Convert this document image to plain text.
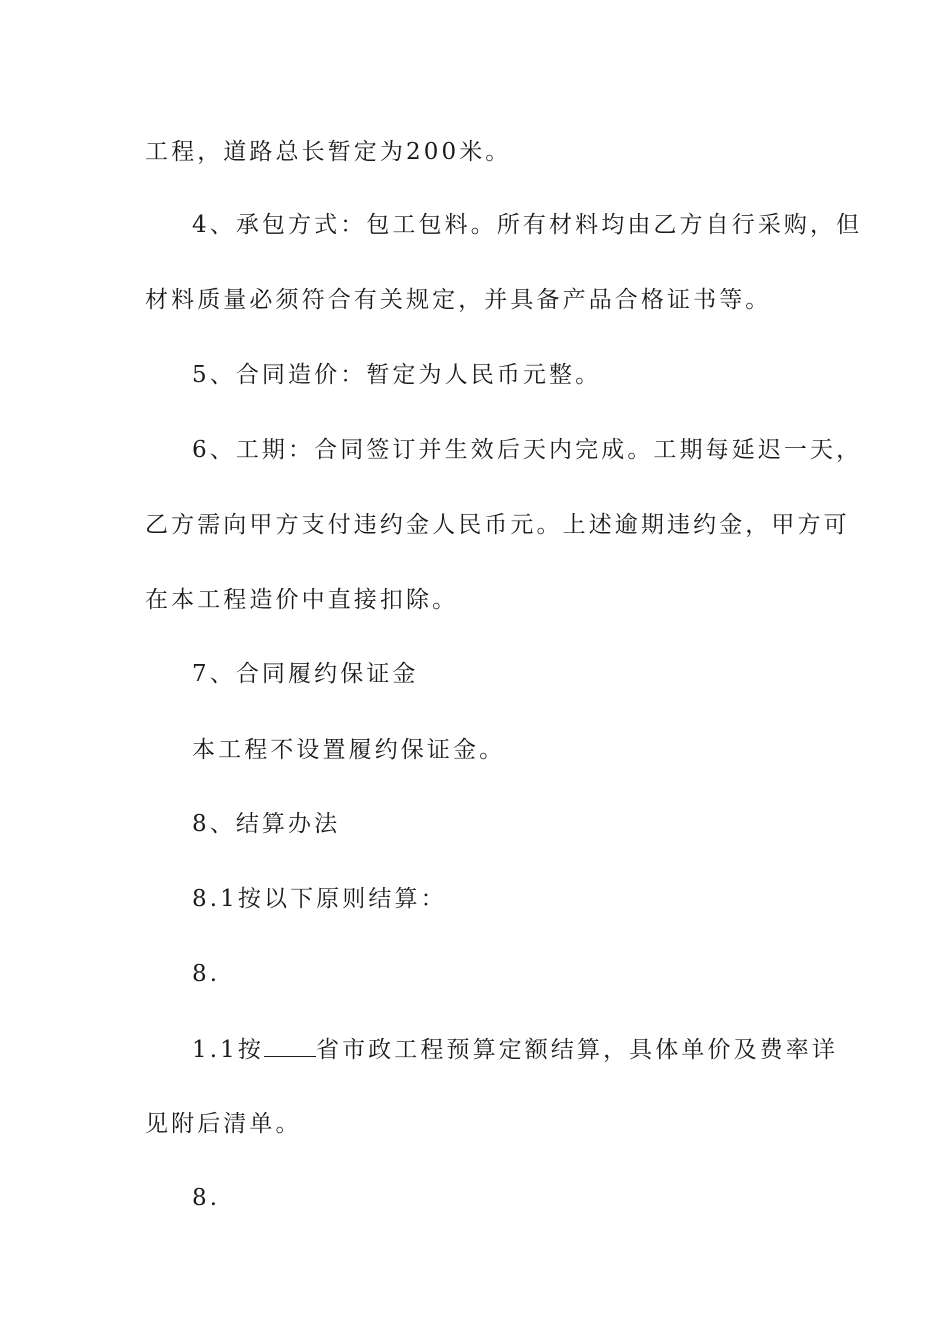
工程，道路总长暂定为200米。
4、承包方式：包工包料。所有材料均由乙方自行采购，但
材料质量必须符合有关规定，并具备产品合格证书等。
5、合同造价：暂定为人民币元整。
6、工期：合同签订并生效后天内完成。工期每延迟一天，
乙方需向甲方支付违约金人民币元。上述逾期违约金，甲方可
在本工程造价中直接扣除。
7、合同履约保证金
本工程不设置履约保证金。
8、结算办法
8.1按以下原则结算：
8.
1.1按 省市政工程预算定额结算，具体单价及费率详
见附后清单。
8.
